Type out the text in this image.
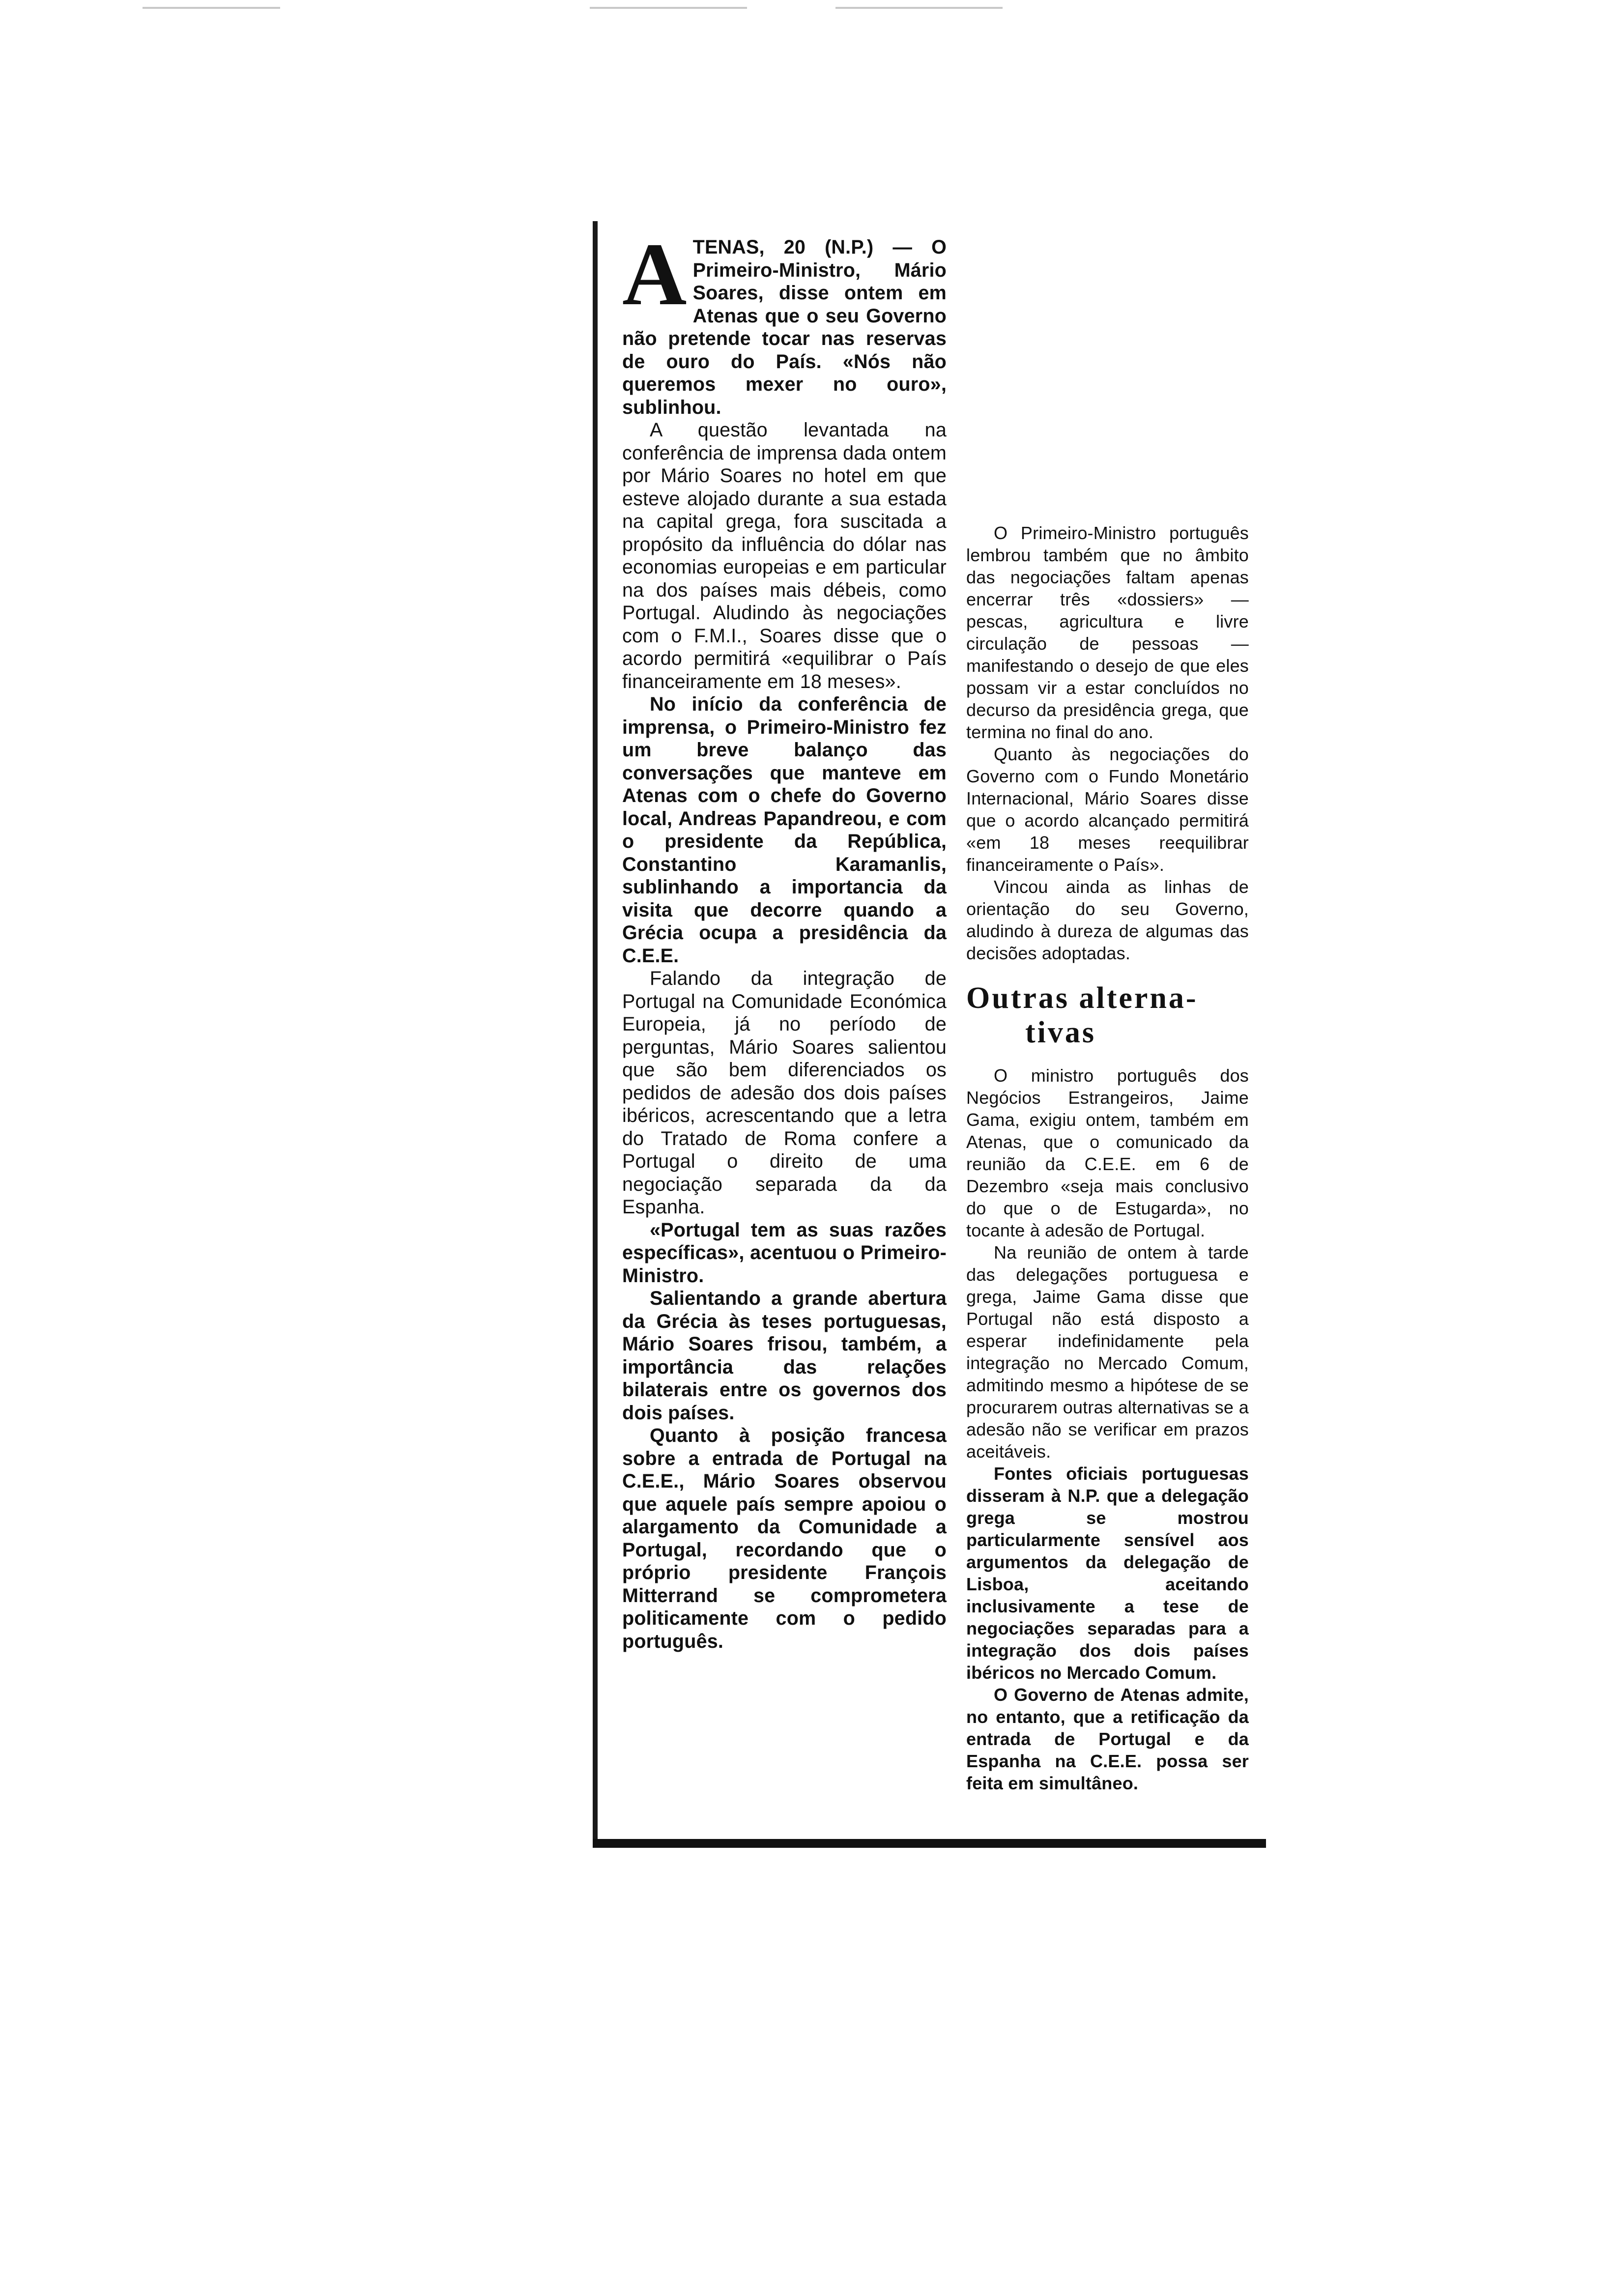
ATENAS, 20 (N.P.) — O Primeiro-Ministro, Mário Soares, disse ontem em Atenas que o seu Governo não pretende tocar nas reservas de ouro do País. «Nós não queremos mexer no ouro», sublinhou.

A questão levantada na conferência de imprensa dada ontem por Mário Soares no hotel em que esteve alojado durante a sua estada na capital grega, fora suscitada a propósito da influência do dólar nas economias europeias e em particular na dos países mais débeis, como Portugal. Aludindo às negociações com o F.M.I., Soares disse que o acordo permitirá «equilibrar o País financeiramente em 18 meses».

No início da conferência de imprensa, o Primeiro-Ministro fez um breve balanço das conversações que manteve em Atenas com o chefe do Governo local, Andreas Papandreou, e com o presidente da República, Constantino Karamanlis, sublinhando a importancia da visita que decorre quando a Grécia ocupa a presidência da C.E.E.

Falando da integração de Portugal na Comunidade Económica Europeia, já no período de perguntas, Mário Soares salientou que são bem diferenciados os pedidos de adesão dos dois países ibéricos, acrescentando que a letra do Tratado de Roma confere a Portugal o direito de uma negociação separada da da Espanha.

«Portugal tem as suas razões específicas», acentuou o Primeiro-Ministro.

Salientando a grande abertura da Grécia às teses portuguesas, Mário Soares frisou, também, a importância das relações bilaterais entre os governos dos dois países.

Quanto à posição francesa sobre a entrada de Portugal na C.E.E., Mário Soares observou que aquele país sempre apoiou o alargamento da Comunidade a Portugal, recordando que o próprio presidente François Mitterrand se comprometera politicamente com o pedido português.

O Primeiro-Ministro português lembrou também que no âmbito das negociações faltam apenas encerrar três «dossiers» — pescas, agricultura e livre circulação de pessoas — manifestando o desejo de que eles possam vir a estar concluídos no decurso da presidência grega, que termina no final do ano.

Quanto às negociações do Governo com o Fundo Monetário Internacional, Mário Soares disse que o acordo alcançado permitirá «em 18 meses reequilibrar financeiramente o País».

Vincou ainda as linhas de orientação do seu Governo, aludindo à dureza de algumas das decisões adoptadas.

Outras alterna-
tivas

O ministro português dos Negócios Estrangeiros, Jaime Gama, exigiu ontem, também em Atenas, que o comunicado da reunião da C.E.E. em 6 de Dezembro «seja mais conclusivo do que o de Estugarda», no tocante à adesão de Portugal.

Na reunião de ontem à tarde das delegações portuguesa e grega, Jaime Gama disse que Portugal não está disposto a esperar indefinidamente pela integração no Mercado Comum, admitindo mesmo a hipótese de se procurarem outras alternativas se a adesão não se verificar em prazos aceitáveis.

Fontes oficiais portuguesas disseram à N.P. que a delegação grega se mostrou particularmente sensível aos argumentos da delegação de Lisboa, aceitando inclusivamente a tese de negociações separadas para a integração dos dois países ibéricos no Mercado Comum.

O Governo de Atenas admite, no entanto, que a retificação da entrada de Portugal e da Espanha na C.E.E. possa ser feita em simultâneo.
